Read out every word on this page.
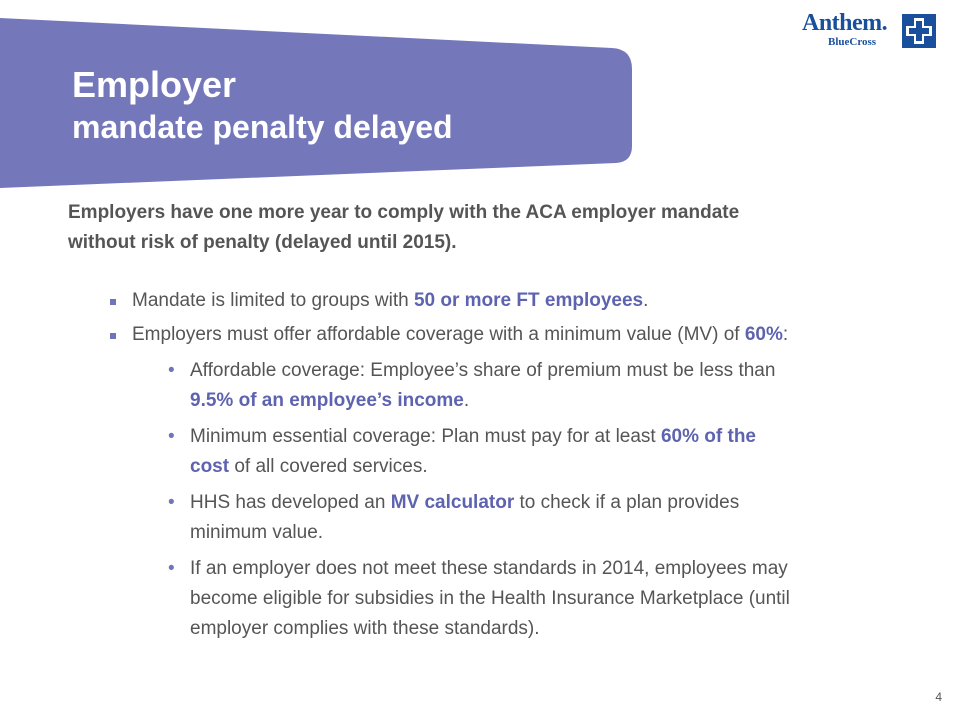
Employer
mandate penalty delayed
Anthem.
BlueCross

Employers have one more year to comply with the ACA employer mandate without risk of penalty (delayed until 2015).

Mandate is limited to groups with 50 or more FT employees.
Employers must offer affordable coverage with a minimum value (MV) of 60%:
• Affordable coverage: Employee’s share of premium must be less than 9.5% of an employee’s income.
• Minimum essential coverage: Plan must pay for at least 60% of the cost of all covered services.
• HHS has developed an MV calculator to check if a plan provides minimum value.
• If an employer does not meet these standards in 2014, employees may become eligible for subsidies in the Health Insurance Marketplace (until employer complies with these standards).
4
